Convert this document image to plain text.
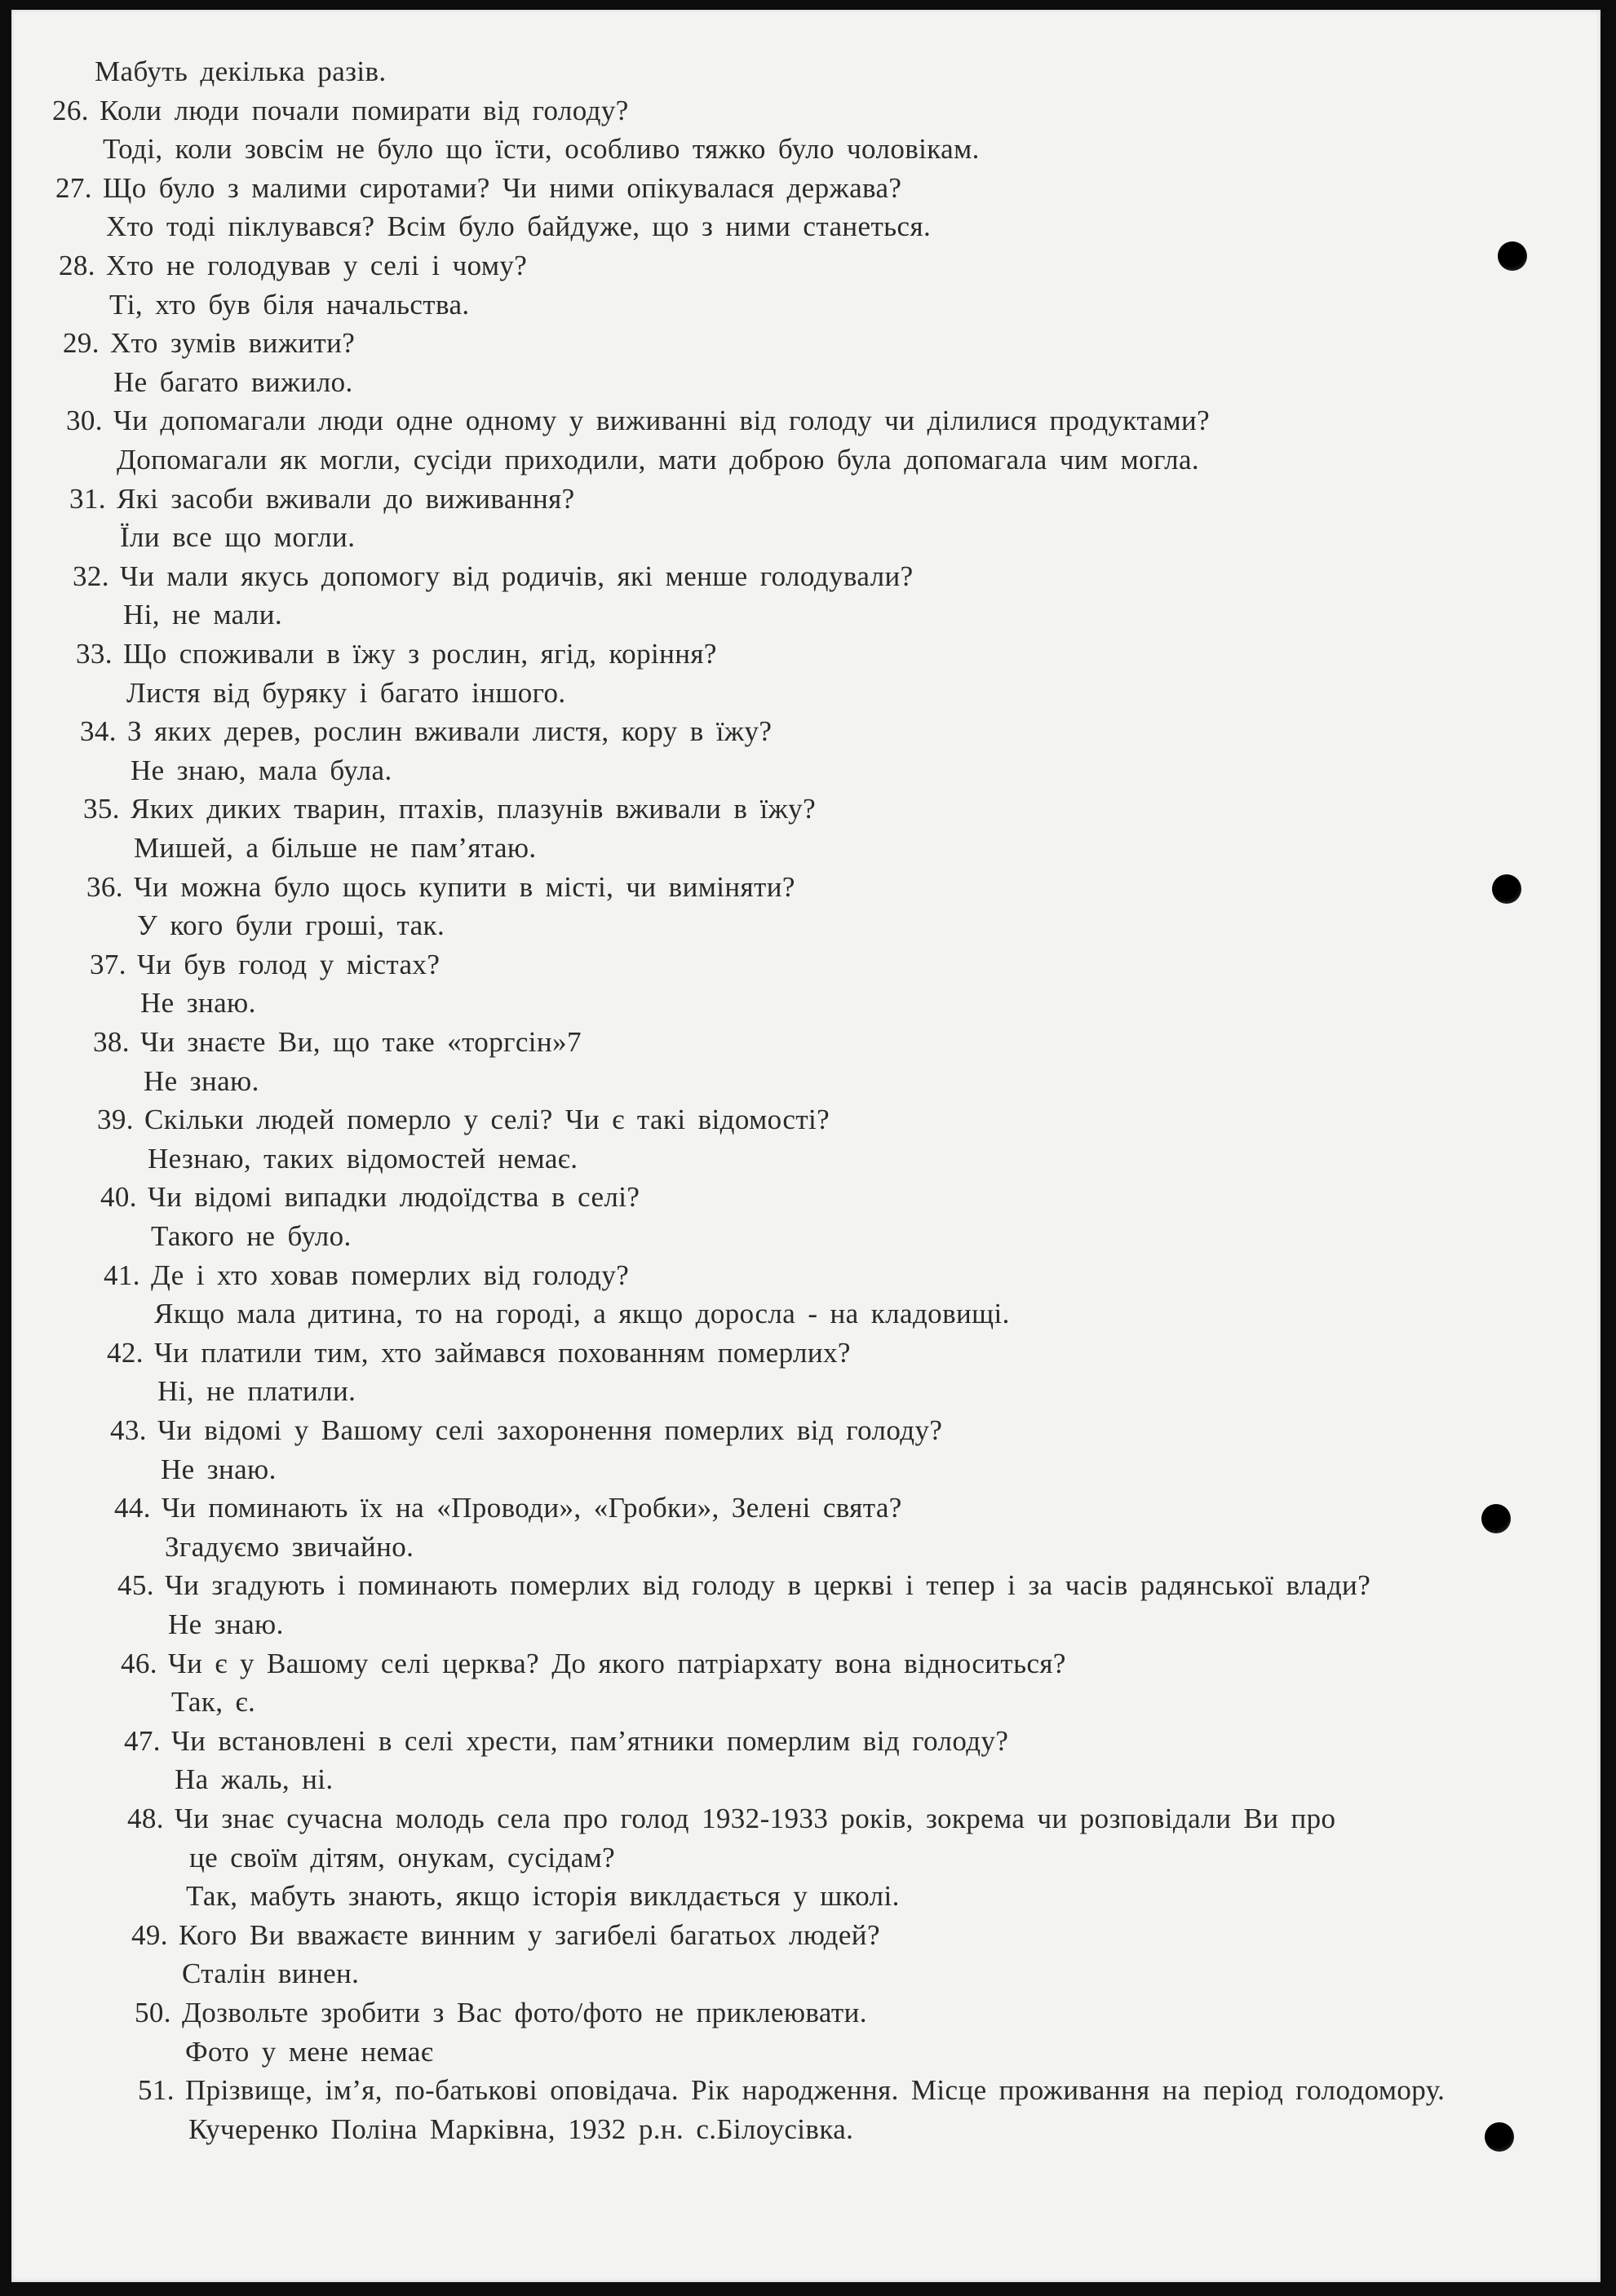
Мабуть декілька разів.
26. Коли люди почали помирати від голоду?
Тоді, коли зовсім не було що їсти, особливо тяжко було чоловікам.
27. Що було з малими сиротами? Чи ними опікувалася держава?
Хто тоді піклувався? Всім було байдуже, що з ними станеться.
28. Хто не голодував у селі і чому?
Ті, хто був біля начальства.
29. Хто зумів вижити?
Не багато вижило.
30. Чи допомагали люди одне одному у виживанні від голоду чи ділилися продуктами?
Допомагали як могли, сусіди приходили, мати доброю була допомагала чим могла.
31. Які засоби вживали до виживання?
Їли все що могли.
32. Чи мали якусь допомогу від родичів, які менше голодували?
Ні, не мали.
33. Що споживали в їжу з рослин, ягід, коріння?
Листя від буряку і багато іншого.
34. З яких дерев, рослин вживали листя, кору в їжу?
Не знаю, мала була.
35. Яких диких тварин, птахів, плазунів вживали в їжу?
Мишей, а більше не пам’ятаю.
36. Чи можна було щось купити в місті, чи виміняти?
У кого були гроші, так.
37. Чи був голод у містах?
Не знаю.
38. Чи знаєте Ви, що таке «торгсін»7
Не знаю.
39. Скільки людей померло у селі? Чи є такі відомості?
Незнаю, таких відомостей немає.
40. Чи відомі випадки людоїдства в селі?
Такого не було.
41. Де і хто ховав померлих від голоду?
Якщо мала дитина, то на городі, а якщо доросла - на кладовищі.
42. Чи платили тим, хто займався похованням померлих?
Ні, не платили.
43. Чи відомі у Вашому селі захоронення померлих від голоду?
Не знаю.
44. Чи поминають їх на «Проводи», «Гробки», Зелені свята?
Згадуємо звичайно.
45. Чи згадують і поминають померлих від голоду в церкві і тепер і за часів радянської влади?
Не знаю.
46. Чи є у Вашому селі церква? До якого патріархату вона відноситься?
Так, є.
47. Чи встановлені в селі хрести, пам’ятники померлим від голоду?
На жаль, ні.
48. Чи знає сучасна молодь села про голод 1932-1933 років, зокрема чи розповідали Ви про
це своїм дітям, онукам, сусідам?
Так, мабуть знають, якщо історія виклдається у школі.
49. Кого Ви вважаєте винним у загибелі багатьох людей?
Сталін винен.
50. Дозвольте зробити з Вас фото/фото не приклеювати.
Фото у мене немає
51. Прізвище, ім’я, по-батькові оповідача. Рік народження. Місце проживання на період голодомору.
Кучеренко Поліна Марківна, 1932 р.н. с.Білоусівка.
